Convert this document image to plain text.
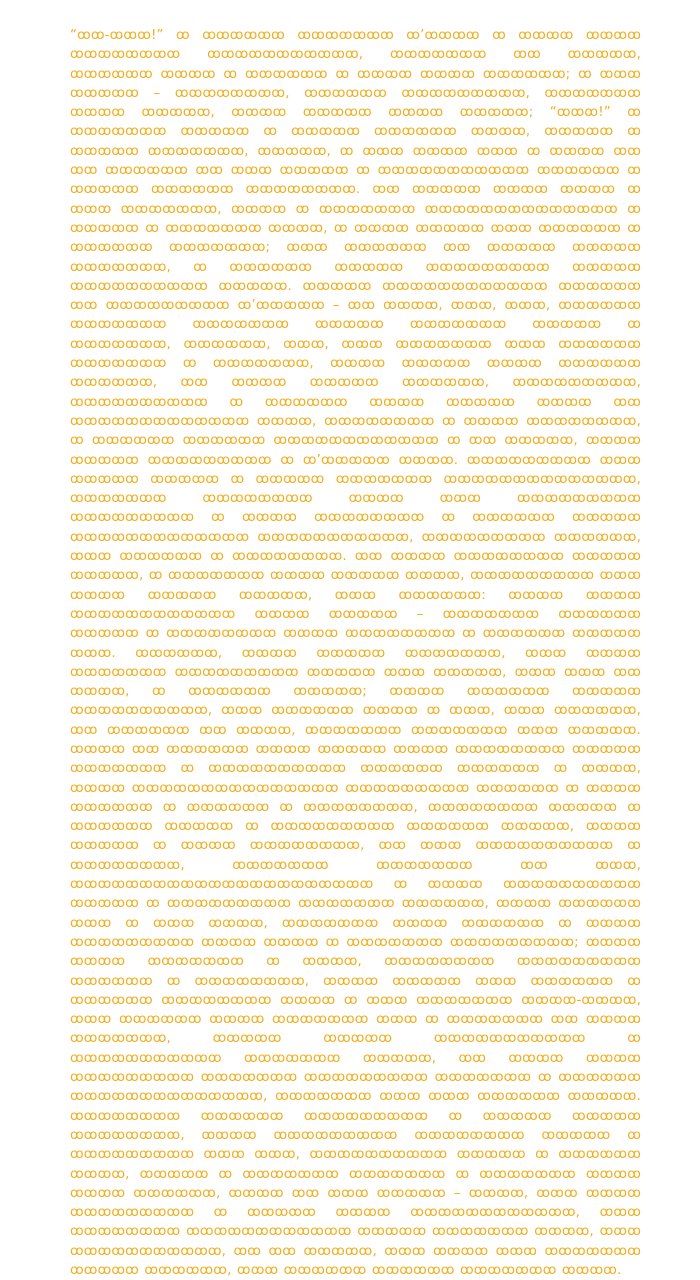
“ꝏꝏ-ꝏꝏꝏ!” ꝏ ꝏꝏꝏꝏꝏꝏ ꝏꝏꝏꝏꝏꝏꝏ ꝏ’ꝏꝏꝏꝏ ꝏ ꝏꝏꝏꝏ ꝏꝏꝏꝏ ꝏꝏꝏꝏꝏꝏꝏꝏ ꝏꝏꝏꝏꝏꝏꝏꝏꝏꝏꝏ, ꝏꝏꝏꝏꝏꝏꝏ ꝏꝏ ꝏꝏꝏꝏꝏ, ꝏꝏꝏꝏꝏꝏ ꝏꝏꝏꝏ ꝏ ꝏꝏꝏꝏꝏꝏ ꝏ ꝏꝏꝏꝏ ꝏꝏꝏꝏ ꝏꝏꝏꝏꝏꝏ; ꝏ ꝏꝏꝏ ꝏꝏꝏꝏꝏ – ꝏꝏꝏꝏꝏꝏꝏꝏ, ꝏꝏꝏꝏꝏꝏ ꝏꝏꝏꝏꝏꝏꝏꝏꝏ, ꝏꝏꝏꝏꝏꝏꝏ ꝏꝏꝏꝏ ꝏꝏꝏꝏꝏ, ꝏꝏꝏꝏ ꝏꝏꝏꝏꝏ ꝏꝏꝏꝏ ꝏꝏꝏꝏꝏ; “ꝏꝏꝏ!” ꝏ ꝏꝏꝏꝏꝏꝏꝏ ꝏꝏꝏꝏꝏ ꝏ ꝏꝏꝏꝏꝏ ꝏꝏꝏꝏꝏꝏ ꝏꝏꝏꝏ, ꝏꝏꝏꝏꝏ ꝏ ꝏꝏꝏꝏꝏ ꝏꝏꝏꝏꝏꝏꝏ, ꝏꝏꝏꝏꝏ, ꝏ ꝏꝏꝏ ꝏꝏꝏꝏ ꝏꝏꝏ ꝏ ꝏꝏꝏꝏ ꝏꝏ ꝏꝏ ꝏꝏꝏꝏꝏꝏ ꝏꝏ ꝏꝏꝏ ꝏꝏꝏꝏꝏ ꝏ ꝏꝏꝏꝏꝏꝏꝏꝏꝏꝏꝏ ꝏꝏꝏꝏꝏꝏ ꝏ ꝏꝏꝏꝏꝏ ꝏꝏꝏꝏꝏꝏ ꝏꝏꝏꝏꝏꝏꝏꝏ. ꝏꝏ ꝏꝏꝏꝏꝏ ꝏꝏꝏꝏ ꝏꝏꝏꝏ ꝏ ꝏꝏꝏ ꝏꝏꝏꝏꝏꝏꝏ, ꝏꝏꝏꝏ ꝏ ꝏꝏꝏꝏꝏꝏꝏ ꝏꝏꝏꝏꝏꝏꝏꝏꝏꝏꝏꝏꝏꝏ ꝏ ꝏꝏꝏꝏꝏ ꝏ ꝏꝏꝏꝏꝏꝏꝏ ꝏꝏꝏꝏ, ꝏ ꝏꝏꝏꝏ ꝏꝏꝏꝏꝏ ꝏꝏꝏ ꝏꝏꝏꝏꝏꝏ ꝏ ꝏꝏꝏꝏꝏꝏ ꝏꝏꝏꝏꝏꝏꝏ; ꝏꝏꝏ ꝏꝏꝏꝏꝏꝏ ꝏꝏ ꝏꝏꝏꝏꝏ ꝏꝏꝏꝏꝏ ꝏꝏꝏꝏꝏꝏꝏ, ꝏ ꝏꝏꝏꝏꝏꝏ ꝏꝏꝏꝏꝏ ꝏꝏꝏꝏꝏꝏꝏꝏꝏ ꝏꝏꝏꝏꝏ ꝏꝏꝏꝏꝏꝏꝏꝏꝏꝏ ꝏꝏꝏꝏꝏ. ꝏꝏꝏꝏꝏ ꝏꝏꝏꝏꝏꝏꝏꝏꝏꝏꝏꝏ ꝏꝏꝏꝏꝏꝏ ꝏꝏ ꝏꝏꝏꝏꝏꝏꝏꝏꝏ ꝏ’ꝏꝏꝏꝏꝏ – ꝏꝏ ꝏꝏꝏꝏ, ꝏꝏꝏ, ꝏꝏꝏ, ꝏꝏꝏꝏꝏꝏ ꝏꝏꝏꝏꝏꝏꝏ ꝏꝏꝏꝏꝏꝏꝏ ꝏꝏꝏꝏꝏ ꝏꝏꝏꝏꝏꝏꝏ ꝏꝏꝏꝏꝏ ꝏ ꝏꝏꝏꝏꝏꝏꝏ, ꝏꝏꝏꝏꝏꝏ, ꝏꝏꝏ, ꝏꝏꝏ ꝏꝏꝏꝏꝏꝏꝏ ꝏꝏꝏ ꝏꝏꝏꝏꝏꝏ ꝏꝏꝏꝏꝏꝏꝏ ꝏ ꝏꝏꝏꝏꝏꝏꝏ, ꝏꝏꝏꝏ ꝏꝏꝏꝏꝏ ꝏꝏꝏꝏ ꝏꝏꝏꝏꝏꝏ ꝏꝏꝏꝏꝏꝏ, ꝏꝏ ꝏꝏꝏꝏ ꝏꝏꝏꝏꝏ ꝏꝏꝏꝏꝏꝏ, ꝏꝏꝏꝏꝏꝏꝏꝏꝏ, ꝏꝏꝏꝏꝏꝏꝏꝏꝏꝏ ꝏ ꝏꝏꝏꝏꝏꝏ ꝏꝏꝏꝏ ꝏꝏꝏꝏꝏ ꝏꝏꝏꝏ ꝏꝏ ꝏꝏꝏꝏꝏꝏꝏꝏꝏꝏꝏꝏꝏ ꝏꝏꝏꝏ, ꝏꝏꝏꝏꝏꝏꝏꝏ ꝏ ꝏꝏꝏꝏ ꝏꝏꝏꝏꝏꝏꝏꝏ, ꝏ ꝏꝏꝏꝏꝏꝏ ꝏꝏꝏꝏꝏꝏ ꝏꝏꝏꝏꝏꝏꝏꝏꝏꝏꝏꝏ ꝏ ꝏꝏ ꝏꝏꝏꝏꝏ, ꝏꝏꝏꝏ ꝏꝏꝏꝏꝏ ꝏꝏꝏꝏꝏꝏꝏꝏꝏ ꝏ ꝏ’ꝏꝏꝏꝏꝏ ꝏꝏꝏꝏ. ꝏꝏꝏꝏꝏꝏꝏꝏꝏ ꝏꝏꝏ ꝏꝏꝏꝏꝏ ꝏꝏꝏꝏꝏ ꝏ ꝏꝏꝏꝏꝏ ꝏꝏꝏꝏꝏꝏꝏ ꝏꝏꝏꝏꝏꝏꝏꝏꝏꝏꝏꝏꝏꝏ, ꝏꝏꝏꝏꝏꝏꝏ ꝏꝏꝏꝏꝏꝏꝏꝏ ꝏꝏꝏꝏ ꝏꝏꝏ ꝏꝏꝏꝏꝏꝏꝏꝏꝏ ꝏꝏꝏꝏꝏꝏꝏꝏꝏ ꝏ ꝏꝏꝏꝏ ꝏꝏꝏꝏꝏꝏꝏꝏ ꝏ ꝏꝏꝏꝏꝏꝏ ꝏꝏꝏꝏꝏ ꝏꝏꝏꝏꝏꝏꝏꝏꝏꝏꝏꝏꝏ ꝏꝏꝏꝏꝏꝏꝏꝏꝏꝏꝏ, ꝏꝏꝏꝏꝏꝏꝏꝏꝏ ꝏꝏꝏꝏꝏꝏ, ꝏꝏꝏ ꝏꝏꝏꝏꝏꝏ ꝏ ꝏꝏꝏꝏꝏꝏꝏꝏ. ꝏꝏ ꝏꝏꝏꝏ ꝏꝏꝏꝏꝏꝏꝏꝏ ꝏꝏꝏꝏꝏ ꝏꝏꝏꝏꝏ, ꝏ ꝏꝏꝏꝏꝏꝏꝏ ꝏꝏꝏꝏ ꝏꝏꝏꝏꝏ ꝏꝏꝏꝏ, ꝏꝏꝏꝏꝏꝏꝏꝏꝏ ꝏꝏꝏ ꝏꝏꝏꝏ ꝏꝏꝏꝏꝏ ꝏꝏꝏꝏꝏ, ꝏꝏꝏ ꝏꝏꝏꝏꝏꝏ: ꝏꝏꝏꝏ ꝏꝏꝏꝏ ꝏꝏꝏꝏꝏꝏꝏꝏꝏꝏꝏꝏ ꝏꝏꝏꝏ ꝏꝏꝏꝏꝏ – ꝏꝏꝏꝏꝏꝏꝏ ꝏꝏꝏꝏꝏꝏ ꝏꝏꝏꝏꝏ ꝏ ꝏꝏꝏꝏꝏꝏꝏꝏ ꝏꝏꝏꝏ ꝏꝏꝏꝏꝏꝏꝏꝏ ꝏ ꝏꝏꝏꝏꝏꝏ ꝏꝏꝏꝏꝏ ꝏꝏꝏ. ꝏꝏꝏꝏꝏꝏ, ꝏꝏꝏꝏ ꝏꝏꝏꝏꝏ ꝏꝏꝏꝏꝏꝏꝏ, ꝏꝏꝏ ꝏꝏꝏꝏ ꝏꝏꝏꝏꝏꝏꝏ ꝏꝏꝏꝏꝏꝏꝏꝏꝏ ꝏꝏꝏꝏꝏ ꝏꝏꝏ ꝏꝏꝏꝏꝏ, ꝏꝏꝏ ꝏꝏꝏ ꝏꝏ ꝏꝏꝏꝏ, ꝏ ꝏꝏꝏꝏꝏꝏ ꝏꝏꝏꝏꝏ; ꝏꝏꝏꝏ ꝏꝏꝏꝏꝏꝏ ꝏꝏꝏꝏꝏ ꝏꝏꝏꝏꝏꝏꝏꝏꝏꝏ, ꝏꝏꝏ ꝏꝏꝏꝏꝏꝏ ꝏꝏꝏꝏ ꝏ ꝏꝏꝏ, ꝏꝏꝏ ꝏꝏꝏꝏꝏꝏ, ꝏꝏ ꝏꝏꝏꝏꝏꝏ ꝏꝏ ꝏꝏꝏꝏ, ꝏꝏꝏꝏꝏꝏꝏ ꝏꝏꝏꝏꝏꝏꝏ ꝏꝏꝏ ꝏꝏꝏꝏꝏ. ꝏꝏꝏꝏ ꝏꝏ ꝏꝏꝏꝏꝏꝏ ꝏꝏꝏꝏ ꝏꝏꝏꝏꝏ ꝏꝏꝏꝏ ꝏꝏꝏꝏꝏꝏꝏꝏ ꝏꝏꝏꝏꝏ ꝏꝏꝏꝏꝏꝏꝏ ꝏ ꝏꝏꝏꝏꝏꝏꝏꝏꝏꝏ ꝏꝏꝏꝏꝏꝏ ꝏꝏꝏꝏꝏꝏ ꝏ ꝏꝏꝏꝏ, ꝏꝏꝏꝏ ꝏꝏꝏꝏꝏꝏꝏꝏꝏꝏꝏꝏꝏꝏꝏ ꝏꝏꝏꝏꝏꝏꝏꝏꝏ ꝏꝏꝏꝏꝏꝏ ꝏ ꝏꝏꝏꝏ ꝏꝏꝏꝏꝏꝏ ꝏ ꝏꝏꝏꝏꝏꝏ ꝏ ꝏꝏꝏꝏꝏꝏꝏꝏ, ꝏꝏꝏꝏꝏꝏꝏꝏ ꝏꝏꝏꝏꝏ ꝏ ꝏꝏꝏꝏꝏꝏ ꝏꝏꝏꝏꝏ ꝏ ꝏꝏꝏꝏꝏꝏꝏꝏꝏ ꝏꝏꝏꝏꝏꝏ ꝏꝏꝏꝏꝏ, ꝏꝏꝏꝏ ꝏꝏꝏꝏꝏ ꝏ ꝏꝏꝏꝏ ꝏꝏꝏꝏꝏꝏꝏꝏ, ꝏꝏ ꝏꝏꝏ ꝏꝏꝏꝏꝏꝏꝏꝏꝏꝏ ꝏ ꝏꝏꝏꝏꝏꝏꝏꝏ, ꝏꝏꝏꝏꝏꝏꝏ ꝏꝏꝏꝏꝏꝏꝏ ꝏꝏ ꝏꝏꝏ, ꝏꝏꝏꝏꝏꝏꝏꝏꝏꝏꝏꝏꝏꝏꝏꝏꝏꝏꝏꝏꝏꝏ ꝏ ꝏꝏꝏꝏ ꝏꝏꝏꝏꝏꝏꝏꝏꝏꝏ ꝏꝏꝏꝏꝏ ꝏ ꝏꝏꝏꝏꝏꝏꝏꝏꝏ ꝏꝏꝏꝏꝏꝏꝏ ꝏꝏꝏꝏꝏꝏ, ꝏꝏꝏꝏ ꝏꝏꝏꝏꝏꝏ ꝏꝏꝏ ꝏ ꝏꝏꝏ ꝏꝏꝏꝏ, ꝏꝏꝏꝏꝏꝏꝏ ꝏꝏꝏꝏ ꝏꝏꝏꝏꝏꝏ ꝏ ꝏꝏꝏꝏ ꝏꝏꝏꝏꝏꝏꝏꝏꝏ ꝏꝏꝏꝏ ꝏꝏꝏꝏ ꝏ ꝏꝏꝏꝏꝏꝏꝏ ꝏꝏꝏꝏꝏꝏꝏꝏꝏ; ꝏꝏꝏꝏ ꝏꝏꝏꝏ ꝏꝏꝏꝏꝏꝏꝏ ꝏ ꝏꝏꝏꝏ, ꝏꝏꝏꝏꝏꝏꝏꝏ ꝏꝏꝏꝏꝏꝏꝏꝏꝏ ꝏꝏꝏꝏꝏꝏ ꝏ ꝏꝏꝏꝏꝏꝏꝏꝏ, ꝏꝏꝏꝏ ꝏꝏꝏꝏꝏ ꝏꝏꝏ ꝏꝏꝏꝏꝏꝏ ꝏ ꝏꝏꝏꝏꝏꝏ ꝏꝏꝏꝏꝏꝏꝏꝏ ꝏꝏꝏꝏ ꝏ ꝏꝏꝏ ꝏꝏꝏꝏꝏꝏꝏ ꝏꝏꝏꝏ-ꝏꝏꝏꝏ, ꝏꝏꝏ ꝏꝏꝏꝏꝏꝏ ꝏꝏꝏꝏ ꝏꝏꝏꝏꝏꝏꝏ ꝏꝏꝏ ꝏ ꝏꝏꝏꝏꝏꝏꝏ ꝏꝏ ꝏꝏꝏꝏ ꝏꝏꝏꝏꝏꝏꝏ, ꝏꝏꝏꝏꝏ ꝏꝏꝏꝏꝏ ꝏꝏꝏꝏꝏꝏꝏꝏꝏꝏꝏ ꝏ ꝏꝏꝏꝏꝏꝏꝏꝏꝏꝏꝏ ꝏꝏꝏꝏꝏꝏꝏ ꝏꝏꝏꝏꝏ, ꝏꝏ ꝏꝏꝏꝏ ꝏꝏꝏꝏ ꝏꝏꝏꝏꝏꝏꝏꝏꝏ ꝏꝏꝏꝏꝏꝏꝏ ꝏꝏꝏꝏꝏꝏꝏꝏꝏ ꝏꝏꝏꝏꝏꝏꝏ ꝏ ꝏꝏꝏꝏꝏꝏ ꝏꝏꝏꝏꝏꝏꝏꝏꝏꝏꝏꝏꝏꝏ, ꝏꝏꝏꝏꝏꝏꝏ ꝏꝏꝏ ꝏꝏꝏ ꝏꝏꝏꝏꝏꝏ ꝏꝏꝏꝏꝏ. ꝏꝏꝏꝏꝏꝏꝏꝏ ꝏꝏꝏꝏꝏꝏ ꝏꝏꝏꝏꝏꝏꝏꝏꝏ ꝏ ꝏꝏꝏꝏꝏ ꝏꝏꝏꝏꝏ ꝏꝏꝏꝏꝏꝏꝏꝏ, ꝏꝏꝏꝏ ꝏꝏꝏꝏꝏꝏꝏꝏꝏ ꝏꝏꝏꝏꝏꝏꝏꝏ ꝏꝏꝏꝏꝏ ꝏ ꝏꝏꝏꝏꝏꝏꝏꝏꝏ ꝏꝏꝏ ꝏꝏꝏ, ꝏꝏꝏꝏꝏꝏꝏꝏꝏꝏ ꝏꝏꝏꝏꝏ ꝏ ꝏꝏꝏꝏꝏꝏ ꝏꝏꝏꝏ, ꝏꝏꝏꝏꝏ ꝏ ꝏꝏꝏꝏꝏꝏꝏ ꝏꝏꝏꝏꝏꝏꝏ ꝏ ꝏꝏꝏꝏꝏꝏꝏ ꝏꝏꝏꝏ ꝏꝏꝏꝏ ꝏꝏꝏꝏꝏꝏ, ꝏꝏꝏꝏ ꝏꝏ ꝏꝏꝏ ꝏꝏꝏꝏꝏ – ꝏꝏꝏꝏ, ꝏꝏꝏ ꝏꝏꝏꝏ ꝏꝏꝏꝏꝏꝏꝏꝏꝏ ꝏ ꝏꝏꝏꝏꝏ ꝏꝏꝏꝏ ꝏꝏꝏꝏꝏꝏꝏꝏꝏꝏꝏꝏ, ꝏꝏꝏ ꝏꝏꝏꝏꝏꝏꝏꝏ ꝏꝏꝏꝏꝏꝏꝏꝏꝏꝏꝏꝏ ꝏꝏꝏꝏꝏ ꝏꝏꝏꝏꝏꝏꝏ ꝏꝏꝏꝏ, ꝏꝏꝏ ꝏꝏꝏꝏꝏꝏꝏꝏꝏꝏꝏ, ꝏꝏ ꝏꝏ ꝏꝏꝏꝏꝏ, ꝏꝏꝏ ꝏꝏꝏꝏ ꝏꝏꝏ ꝏꝏꝏꝏꝏꝏꝏ ꝏꝏꝏꝏꝏ ꝏꝏꝏꝏꝏꝏ, ꝏꝏꝏ ꝏꝏꝏꝏꝏꝏ ꝏꝏꝏꝏꝏꝏ ꝏꝏꝏꝏꝏꝏꝏ ꝏꝏꝏꝏ.
